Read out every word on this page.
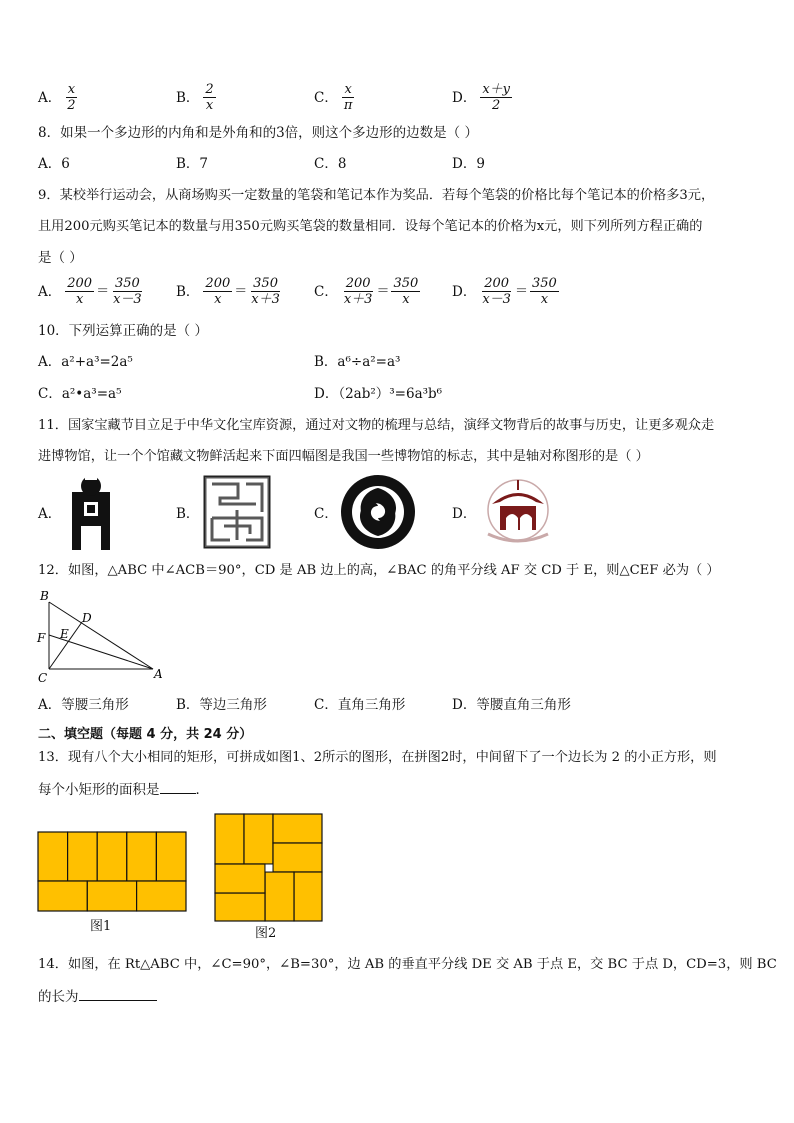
A． $\frac{x}{2}$	B． $\frac{2}{x}$	C． $\frac{x}{\pi}$	D． $\frac{x+y}{2}$
8．如果一个多边形的内角和是外角和的3倍，则这个多边形的边数是（ ）
A．6	B．7	C．8	D．9
9．某校举行运动会，从商场购买一定数量的笔袋和笔记本作为奖品．若每个笔袋的价格比每个笔记本的价格多3元，
且用200元购买笔记本的数量与用350元购买笔袋的数量相同．设每个笔记本的价格为x元，则下列所列方程正确的
是（ ）
A． $\frac{200}{x} = \frac{350}{x-3}$ B． $\frac{200}{x} = \frac{350}{x+3}$ C． $\frac{200}{x+3} = \frac{350}{x}$ D． $\frac{200}{x-3} = \frac{350}{x}$
10．下列运算正确的是（ ）
A．a²+a³=2a⁵	B．a⁶÷a²=a³
C．a²•a³=a⁵	D．（2ab²）³=6a³b⁶
11．国家宝藏节目立足于中华文化宝库资源，通过对文物的梳理与总结，演绎文物背后的故事与历史，让更多观众走
进博物馆，让一个个馆藏文物鲜活起来下面四幅图是我国一些博物馆的标志，其中是轴对称图形的是（ ）
A．	B．	C．	D．
12．如图，△ABC 中∠ACB＝90°，CD 是 AB 边上的高，∠BAC 的角平分线 AF 交 CD 于 E，则△CEF 必为（ ）
B
D
F E
C	A
A．等腰三角形	B．等边三角形	C．直角三角形	D．等腰直角三角形
二、填空题（每题 4 分，共 24 分）
13．现有八个大小相同的矩形，可拼成如图1、2所示的图形，在拼图2时，中间留下了一个边长为 2 的小正方形，则
每个小矩形的面积是	．
图1	图2
14．如图，在 Rt△ABC 中，∠C=90°，∠B=30°，边 AB 的垂直平分线 DE 交 AB 于点 E，交 BC 于点 D，CD=3，则 BC
的长为
